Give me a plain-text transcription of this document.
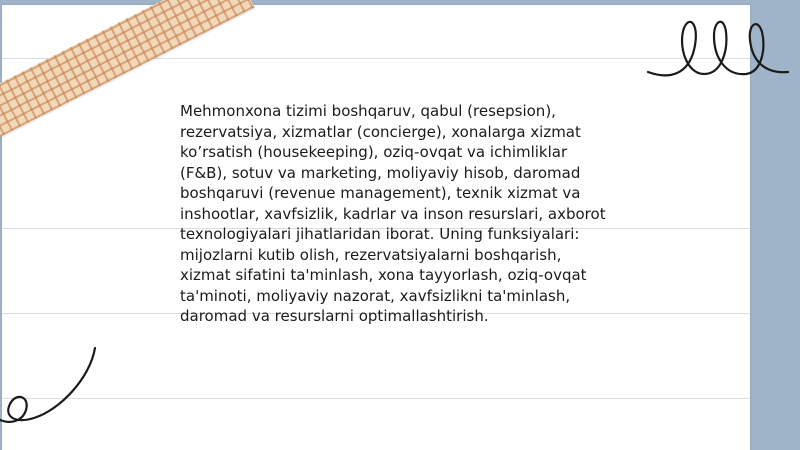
Mehmonxona tizimi boshqaruv, qabul (resepsion), rezervatsiya, xizmatlar (concierge), xonalarga xizmat ko’rsatish (housekeeping), oziq-ovqat va ichimliklar (F&B), sotuv va marketing, moliyaviy hisob, daromad boshqaruvi (revenue management), texnik xizmat va inshootlar, xavfsizlik, kadrlar va inson resurslari, axborot texnologiyalari jihatlaridan iborat. Uning funksiyalari: mijozlarni kutib olish, rezervatsiyalarni boshqarish, xizmat sifatini ta'minlash, xona tayyorlash, oziq-ovqat ta'minoti, moliyaviy nazorat, xavfsizlikni ta'minlash, daromad va resurslarni optimallashtirish.
